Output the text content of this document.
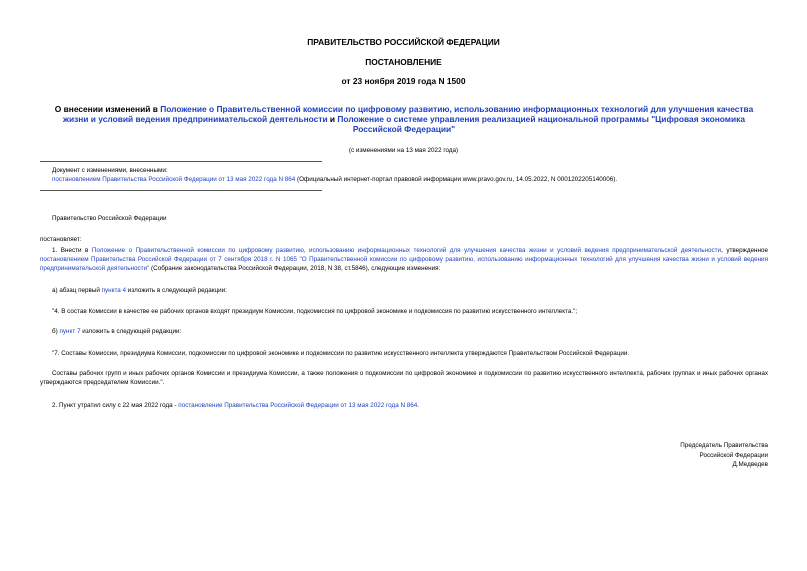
ПРАВИТЕЛЬСТВО РОССИЙСКОЙ ФЕДЕРАЦИИ
ПОСТАНОВЛЕНИЕ
от 23 ноября 2019 года N 1500
О внесении изменений в Положение о Правительственной комиссии по цифровому развитию, использованию информационных технологий для улучшения качества жизни и условий ведения предпринимательской деятельности и Положение о системе управления реализацией национальной программы "Цифровая экономика Российской Федерации"
(с изменениями на 13 мая 2022 года)
Документ с изменениями, внесенными:
постановлением Правительства Российской Федерации от 13 мая 2022 года N 864 (Официальный интернет-портал правовой информации www.pravo.gov.ru, 14.05.2022, N 0001202205140006).
Правительство Российской Федерации
постановляет:
1. Внести в Положение о Правительственной комиссии по цифровому развитию, использованию информационных технологий для улучшения качества жизни и условий ведения предпринимательской деятельности, утвержденное постановлением Правительства Российской Федерации от 7 сентября 2018 г. N 1065 "О Правительственной комиссии по цифровому развитию, использованию информационных технологий для улучшения качества жизни и условий ведения предпринимательской деятельности" (Собрание законодательства Российской Федерации, 2018, N 38, ст.5846), следующие изменения:
а) абзац первый пункта 4 изложить в следующей редакции:
"4. В состав Комиссии в качестве ее рабочих органов входят президиум Комиссии, подкомиссия по цифровой экономике и подкомиссия по развитию искусственного интеллекта.";
б) пункт 7 изложить в следующей редакции:
"7. Составы Комиссии, президиума Комиссии, подкомиссии по цифровой экономике и подкомиссии по развитию искусственного интеллекта утверждаются Правительством Российской Федерации.
Составы рабочих групп и иных рабочих органов Комиссии и президиума Комиссии, а также положения о подкомиссии по цифровой экономике и подкомиссии по развитию искусственного интеллекта, рабочих группах и иных рабочих органах утверждаются председателем Комиссии.".
2. Пункт утратил силу с 22 мая 2022 года - постановление Правительства Российской Федерации от 13 мая 2022 года N 864.
Председатель Правительства
Российской Федерации
Д.Медведев
